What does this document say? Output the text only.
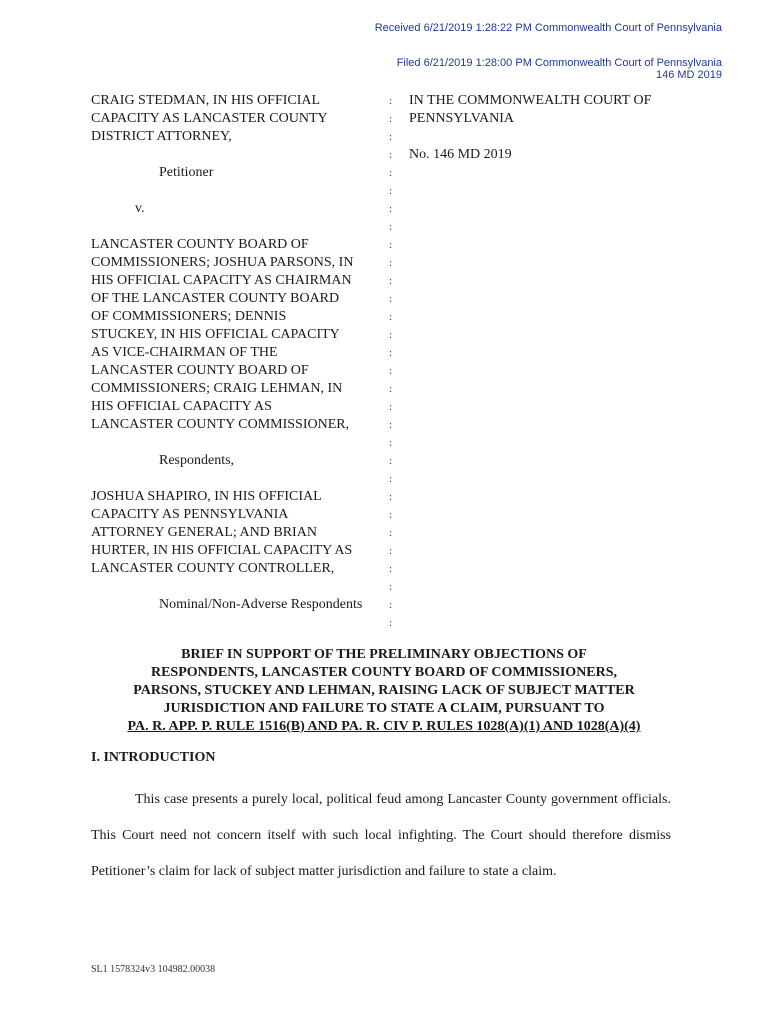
Received 6/21/2019 1:28:22 PM Commonwealth Court of Pennsylvania
Filed 6/21/2019 1:28:00 PM Commonwealth Court of Pennsylvania
146 MD 2019

CRAIG STEDMAN, IN HIS OFFICIAL

CAPACITY AS LANCASTER COUNTY

DISTRICT ATTORNEY,

Petitioner

v.

LANCASTER COUNTY BOARD OF

COMMISSIONERS; JOSHUA PARSONS, IN

HIS OFFICIAL CAPACITY AS CHAIRMAN

OF THE LANCASTER COUNTY BOARD

OF COMMISSIONERS; DENNIS

STUCKEY, IN HIS OFFICIAL CAPACITY

AS VICE-CHAIRMAN OF THE

LANCASTER COUNTY BOARD OF

COMMISSIONERS; CRAIG LEHMAN, IN

HIS OFFICIAL CAPACITY AS

LANCASTER COUNTY COMMISSIONER,

Respondents,

JOSHUA SHAPIRO, IN HIS OFFICIAL

CAPACITY AS PENNSYLVANIA

ATTORNEY GENERAL; AND BRIAN

HURTER, IN HIS OFFICIAL CAPACITY AS

LANCASTER COUNTY CONTROLLER,

Nominal/Non-Adverse Respondents

:
:
:
:
:
:
:
:
:
:
:
:
:
:
:
:
:
:
:
:
:
:
:
:
:
:
:
:
:
:

IN THE COMMONWEALTH COURT OF

PENNSYLVANIA

No. 146 MD 2019

BRIEF IN SUPPORT OF THE PRELIMINARY OBJECTIONS OF
RESPONDENTS, LANCASTER COUNTY BOARD OF COMMISSIONERS,
PARSONS, STUCKEY AND LEHMAN, RAISING LACK OF SUBJECT MATTER
JURISDICTION AND FAILURE TO STATE A CLAIM, PURSUANT TO
PA. R. APP. P. RULE 1516(B) AND PA. R. CIV P. RULES 1028(A)(1) AND 1028(A)(4)
I. INTRODUCTION

This case presents a purely local, political feud among Lancaster County government officials. This Court need not concern itself with such local infighting. The Court should therefore dismiss Petitioner’s claim for lack of subject matter jurisdiction and failure to state a claim.

SL1 1578324v3 104982.00038
